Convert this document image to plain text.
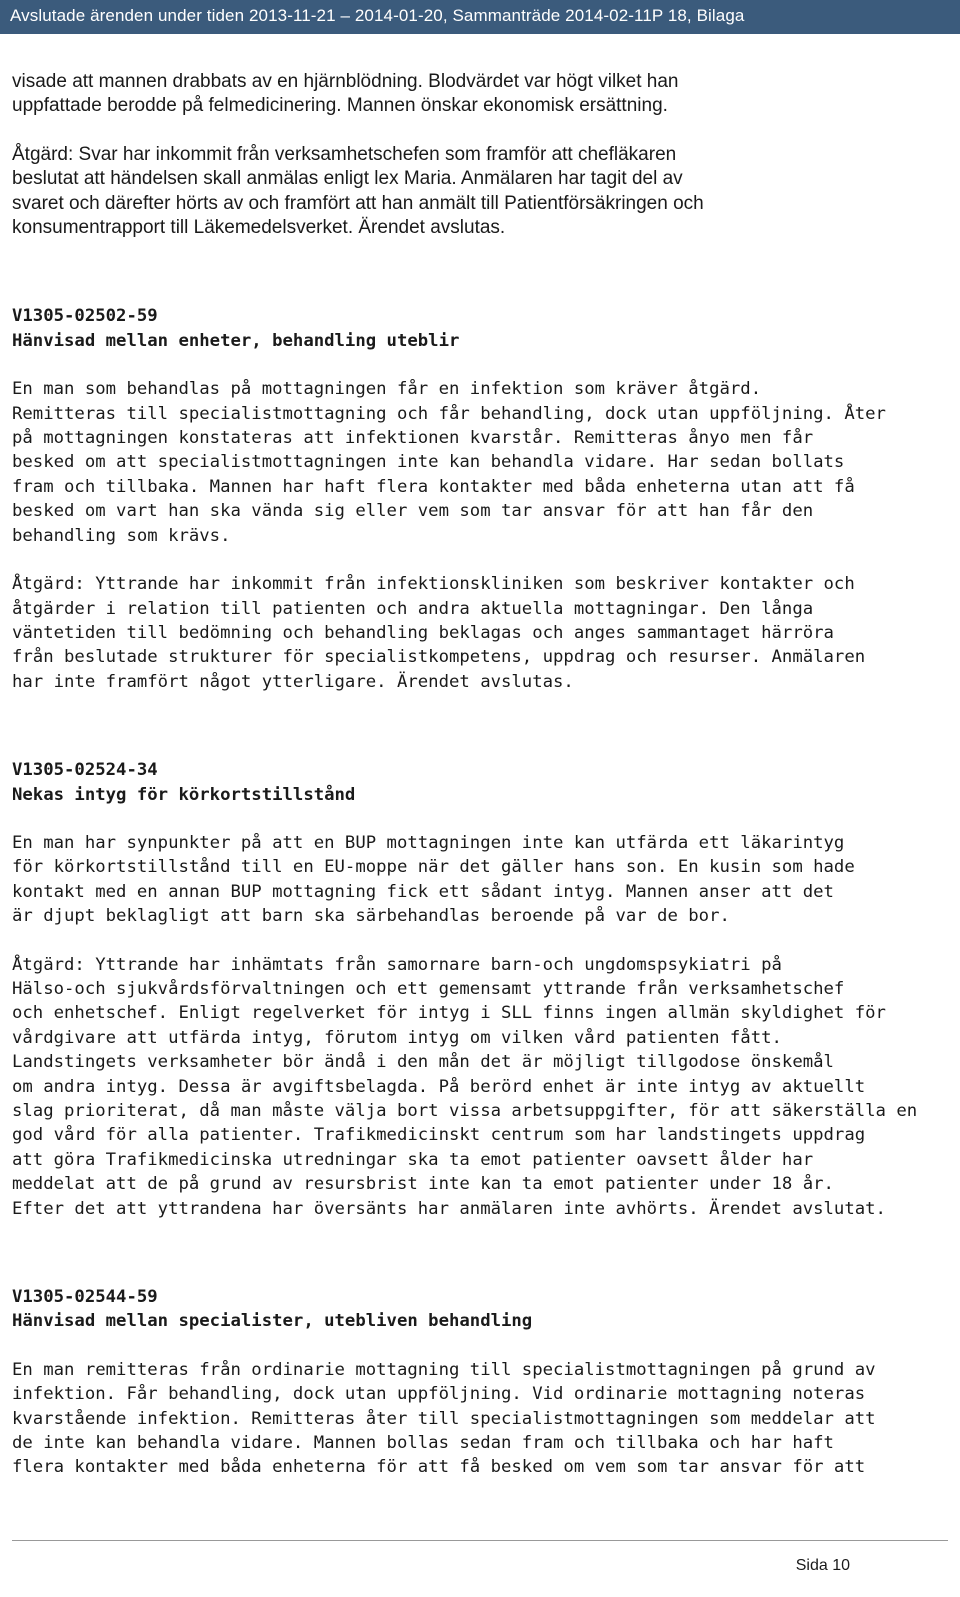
Avslutade ärenden under tiden 2013-11-21 – 2014-01-20, Sammanträde 2014-02-11P 18, Bilaga
visade att mannen drabbats av en hjärnblödning. Blodvärdet var högt vilket han
uppfattade berodde på felmedicinering. Mannen önskar ekonomisk ersättning.
Åtgärd: Svar har inkommit från verksamhetschefen som framför att chefläkaren
beslutat att händelsen skall anmälas enligt lex Maria. Anmälaren har tagit del av
svaret och därefter hörts av och framfört att han anmält till Patientförsäkringen och
konsumentrapport till Läkemedelsverket. Ärendet avslutas.
V1305-02502-59
Hänvisad mellan enheter, behandling uteblir
En man som behandlas på mottagningen får en infektion som kräver åtgärd.
Remitteras till specialistmottagning och får behandling, dock utan uppföljning. Åter
på mottagningen konstateras att infektionen kvarstår. Remitteras ånyo men får
besked om att specialistmottagningen inte kan behandla vidare. Har sedan bollats
fram och tillbaka. Mannen har haft flera kontakter med båda enheterna utan att få
besked om vart han ska vända sig eller vem som tar ansvar för att han får den
behandling som krävs.
Åtgärd: Yttrande har inkommit från infektionskliniken som beskriver kontakter och
åtgärder i relation till patienten och andra aktuella mottagningar. Den långa
väntetiden till bedömning och behandling beklagas och anges sammantaget härröra
från beslutade strukturer för specialistkompetens, uppdrag och resurser. Anmälaren
har inte framfört något ytterligare. Ärendet avslutas.
V1305-02524-34
Nekas intyg för körkortstillstånd
En man har synpunkter på att en BUP mottagningen inte kan utfärda ett läkarintyg
för körkortstillstånd till en EU-moppe när det gäller hans son. En kusin som hade
kontakt med en annan BUP mottagning fick ett sådant intyg. Mannen anser att det
är djupt beklagligt att barn ska särbehandlas beroende på var de bor.
Åtgärd: Yttrande har inhämtats från samornare barn-och ungdomspsykiatri på
Hälso-och sjukvårdsförvaltningen och ett gemensamt yttrande från verksamhetschef
och enhetschef. Enligt regelverket för intyg i SLL finns ingen allmän skyldighet för
vårdgivare att utfärda intyg, förutom intyg om vilken vård patienten fått.
Landstingets verksamheter bör ändå i den mån det är möjligt tillgodose önskemål
om andra intyg. Dessa är avgiftsbelagda. På berörd enhet är inte intyg av aktuellt
slag prioriterat, då man måste välja bort vissa arbetsuppgifter, för att säkerställa en
god vård för alla patienter. Trafikmedicinskt centrum som har landstingets uppdrag
att göra Trafikmedicinska utredningar ska ta emot patienter oavsett ålder har
meddelat att de på grund av resursbrist inte kan ta emot patienter under 18 år.
Efter det att yttrandena har översänts har anmälaren inte avhörts. Ärendet avslutat.
V1305-02544-59
Hänvisad mellan specialister, utebliven behandling
En man remitteras från ordinarie mottagning till specialistmottagningen på grund av
infektion. Får behandling, dock utan uppföljning. Vid ordinarie mottagning noteras
kvarstående infektion. Remitteras åter till specialistmottagningen som meddelar att
de inte kan behandla vidare. Mannen bollas sedan fram och tillbaka och har haft
flera kontakter med båda enheterna för att få besked om vem som tar ansvar för att
Sida 10
